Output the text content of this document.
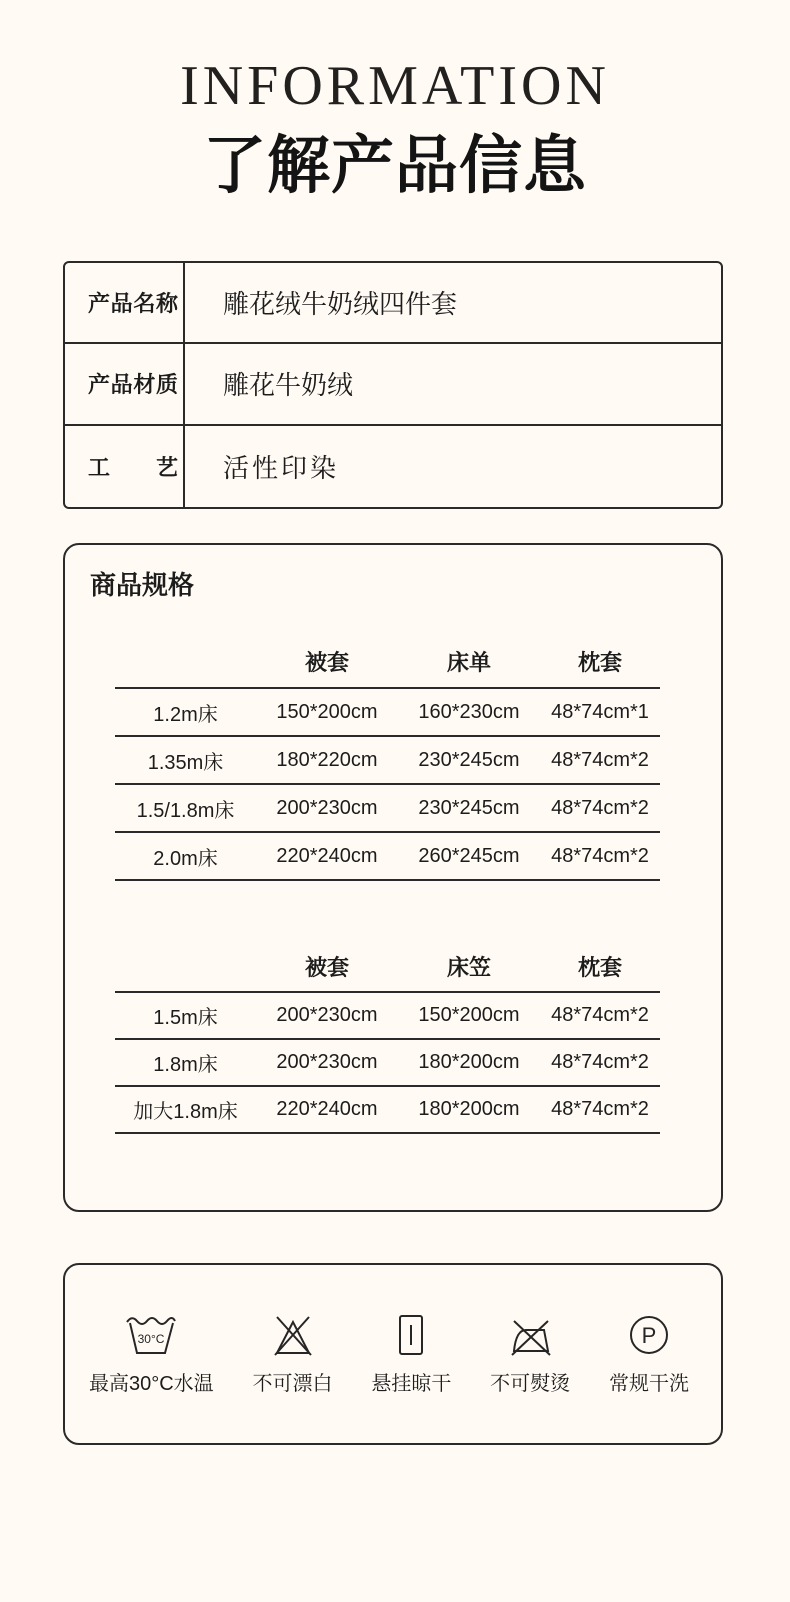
INFORMATION
了解产品信息
产品名称	雕花绒牛奶绒四件套
产品材质	雕花牛奶绒
工艺	活性印染
商品规格
被套	床单	枕套
1.2m床	150*200cm	160*230cm	48*74cm*1
1.35m床	180*220cm	230*245cm	48*74cm*2
1.5/1.8m床	200*230cm	230*245cm	48*74cm*2
2.0m床	220*240cm	260*245cm	48*74cm*2
被套	床笠	枕套
1.5m床	200*230cm	150*200cm	48*74cm*2
1.8m床	200*230cm	180*200cm	48*74cm*2
加大1.8m床	220*240cm	180*200cm	48*74cm*2
30°C
最高30°C水温 不可漂白 悬挂晾干 不可熨烫
P
常规干洗
